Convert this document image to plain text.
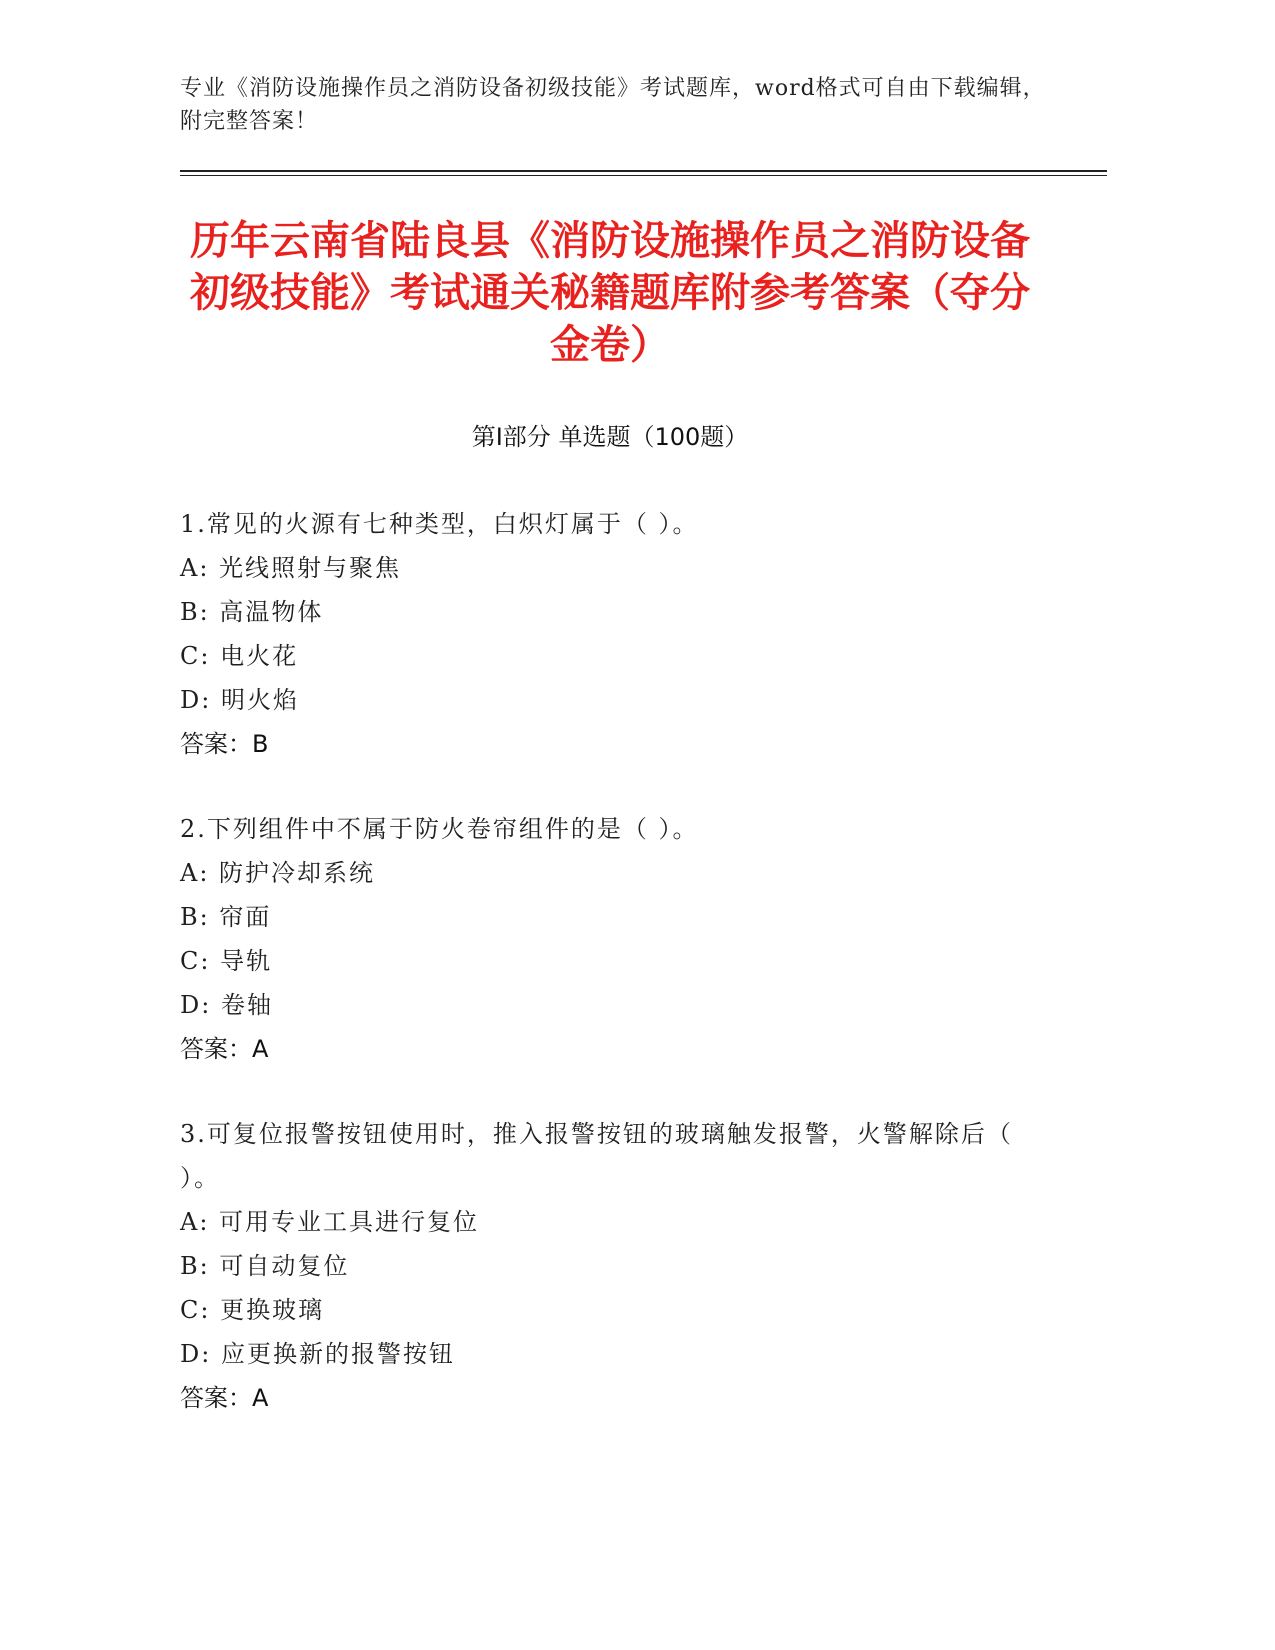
专业《消防设施操作员之消防设备初级技能》考试题库，word格式可自由下载编辑，附完整答案！
历年云南省陆良县《消防设施操作员之消防设备初级技能》考试通关秘籍题库附参考答案（夺分金卷）
第Ⅰ部分 单选题（100题）

1.常见的火源有七种类型，白炽灯属于（ ）。

A: 光线照射与聚焦

B: 高温物体

C: 电火花

D: 明火焰

答案：B

2.下列组件中不属于防火卷帘组件的是（ ）。

A: 防护冷却系统

B: 帘面

C: 导轨

D: 卷轴

答案：A

3.可复位报警按钮使用时，推入报警按钮的玻璃触发报警，火警解除后（ ）。

A: 可用专业工具进行复位

B: 可自动复位

C: 更换玻璃

D: 应更换新的报警按钮

答案：A
